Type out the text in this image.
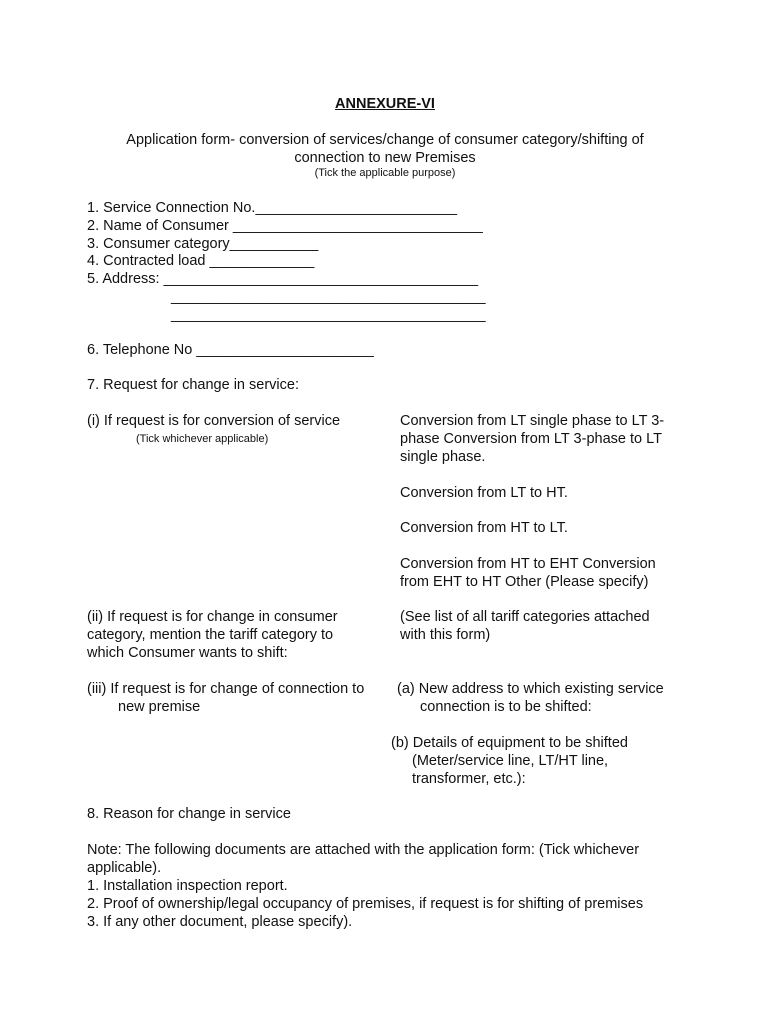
ANNEXURE-VI
Application form- conversion of services/change of consumer category/shifting of connection to new Premises
(Tick the applicable purpose)
1. Service Connection No._________________________
2. Name of Consumer _______________________________
3. Consumer category___________
4. Contracted load _____________
5. Address: _______________________________________
_______________________________________
_______________________________________
6. Telephone No ______________________
7. Request for change in service:
(i) If request is for conversion of service
(Tick whichever applicable)
Conversion from LT single phase to LT 3-phase Conversion from LT 3-phase to LT single phase.
Conversion from LT to HT.
Conversion from HT to LT.
Conversion from HT to EHT Conversion from EHT to HT Other (Please specify)
(ii) If request is for change in consumer category, mention the tariff category to which Consumer wants to shift:
(See list of all tariff categories attached with this form)
(iii) If request is for change of connection to
new premise
(a) New address to which existing service
connection is to be shifted:
(b) Details of equipment to be shifted
(Meter/service line, LT/HT line,
transformer, etc.):
8. Reason for change in service
Note: The following documents are attached with the application form: (Tick whichever applicable).
1. Installation inspection report.
2. Proof of ownership/legal occupancy of premises, if request is for shifting of premises
3. If any other document, please specify).
